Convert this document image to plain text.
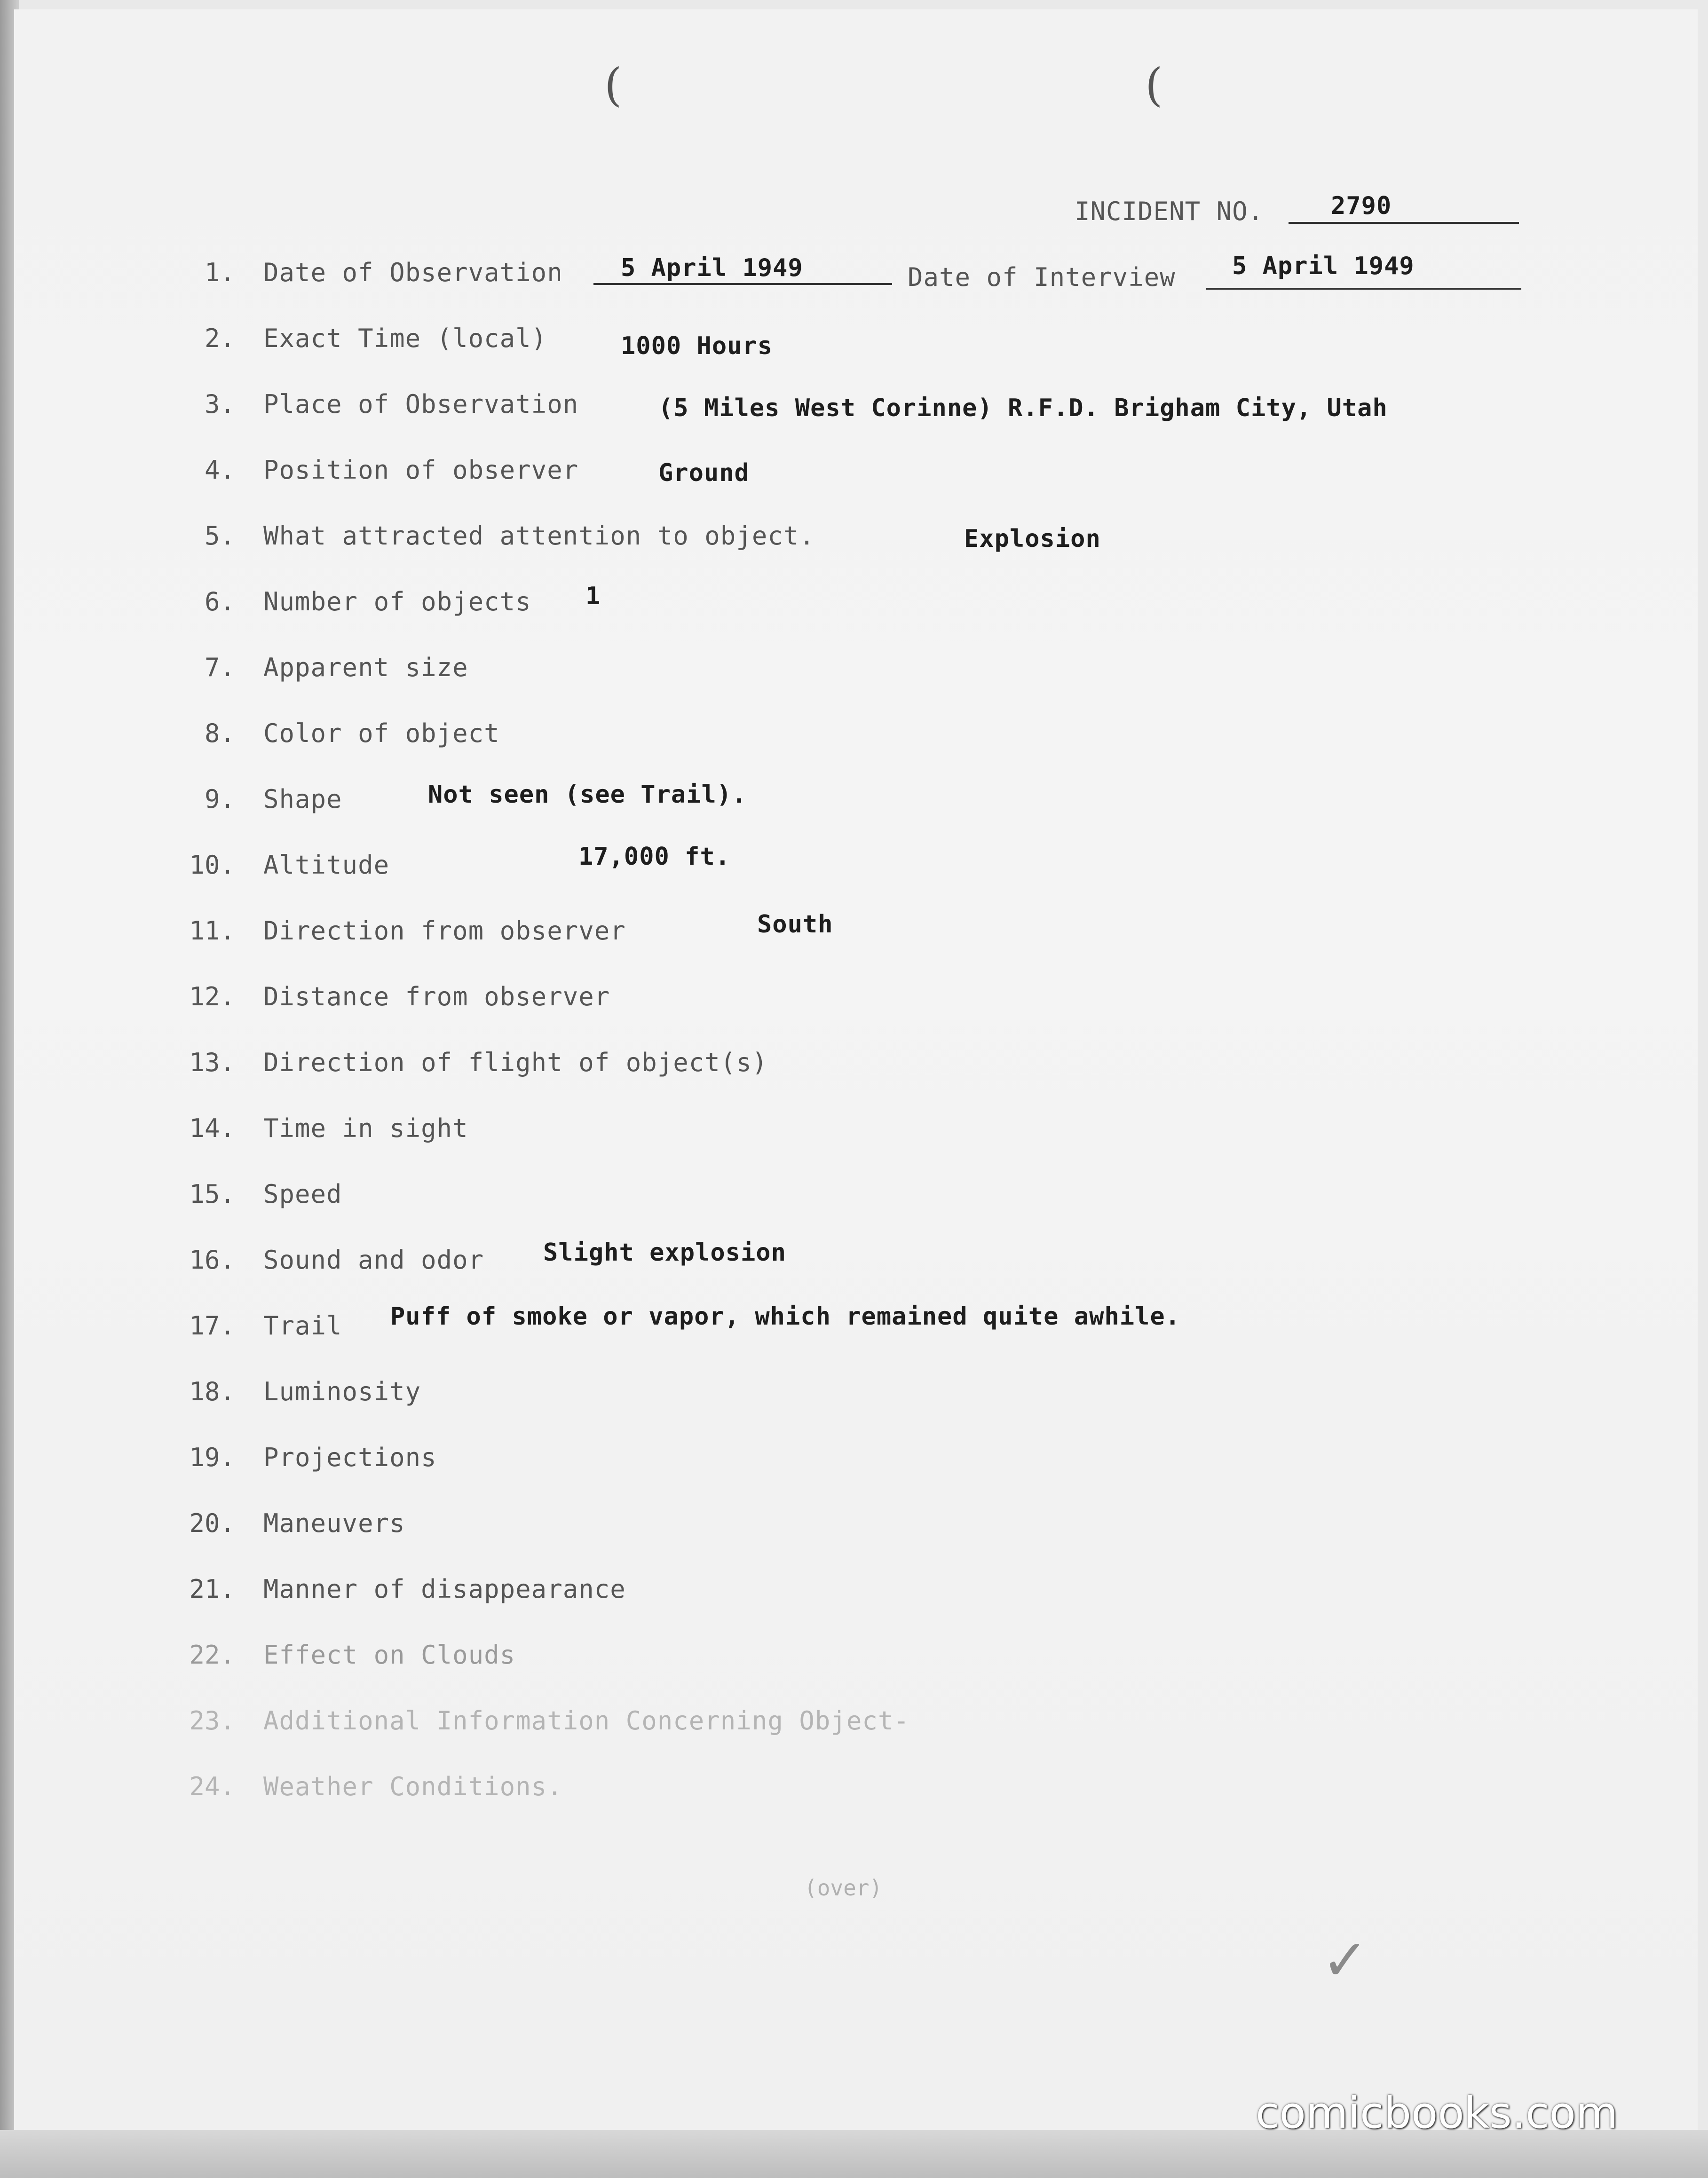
(	(
INCIDENT NO.	2790
1. Date of Observation 5 April 1949	Date of Interview 5 April 1949
2. Exact Time (local)	1000 Hours
3. Place of Observation	(5 Miles West Corinne) R.F.D. Brigham City, Utah
4. Position of observer	Ground
5. What attracted attention to object.	Explosion
6. Number of objects 1
7. Apparent size
8. Color of object
9. Shape	Not seen (see Trail).
10. Altitude	17,000 ft.
11. Direction from observer	South
12. Distance from observer
13. Direction of flight of object(s)
14. Time in sight
15. Speed
16. Sound and odor Slight explosion
17. Trail Puff of smoke or vapor, which remained quite awhile.
18. Luminosity
19. Projections
20. Maneuvers
21. Manner of disappearance
22. Effect on Clouds
23. Additional Information Concerning Object-
24. Weather Conditions.
(over)
✓
comicbooks.com
